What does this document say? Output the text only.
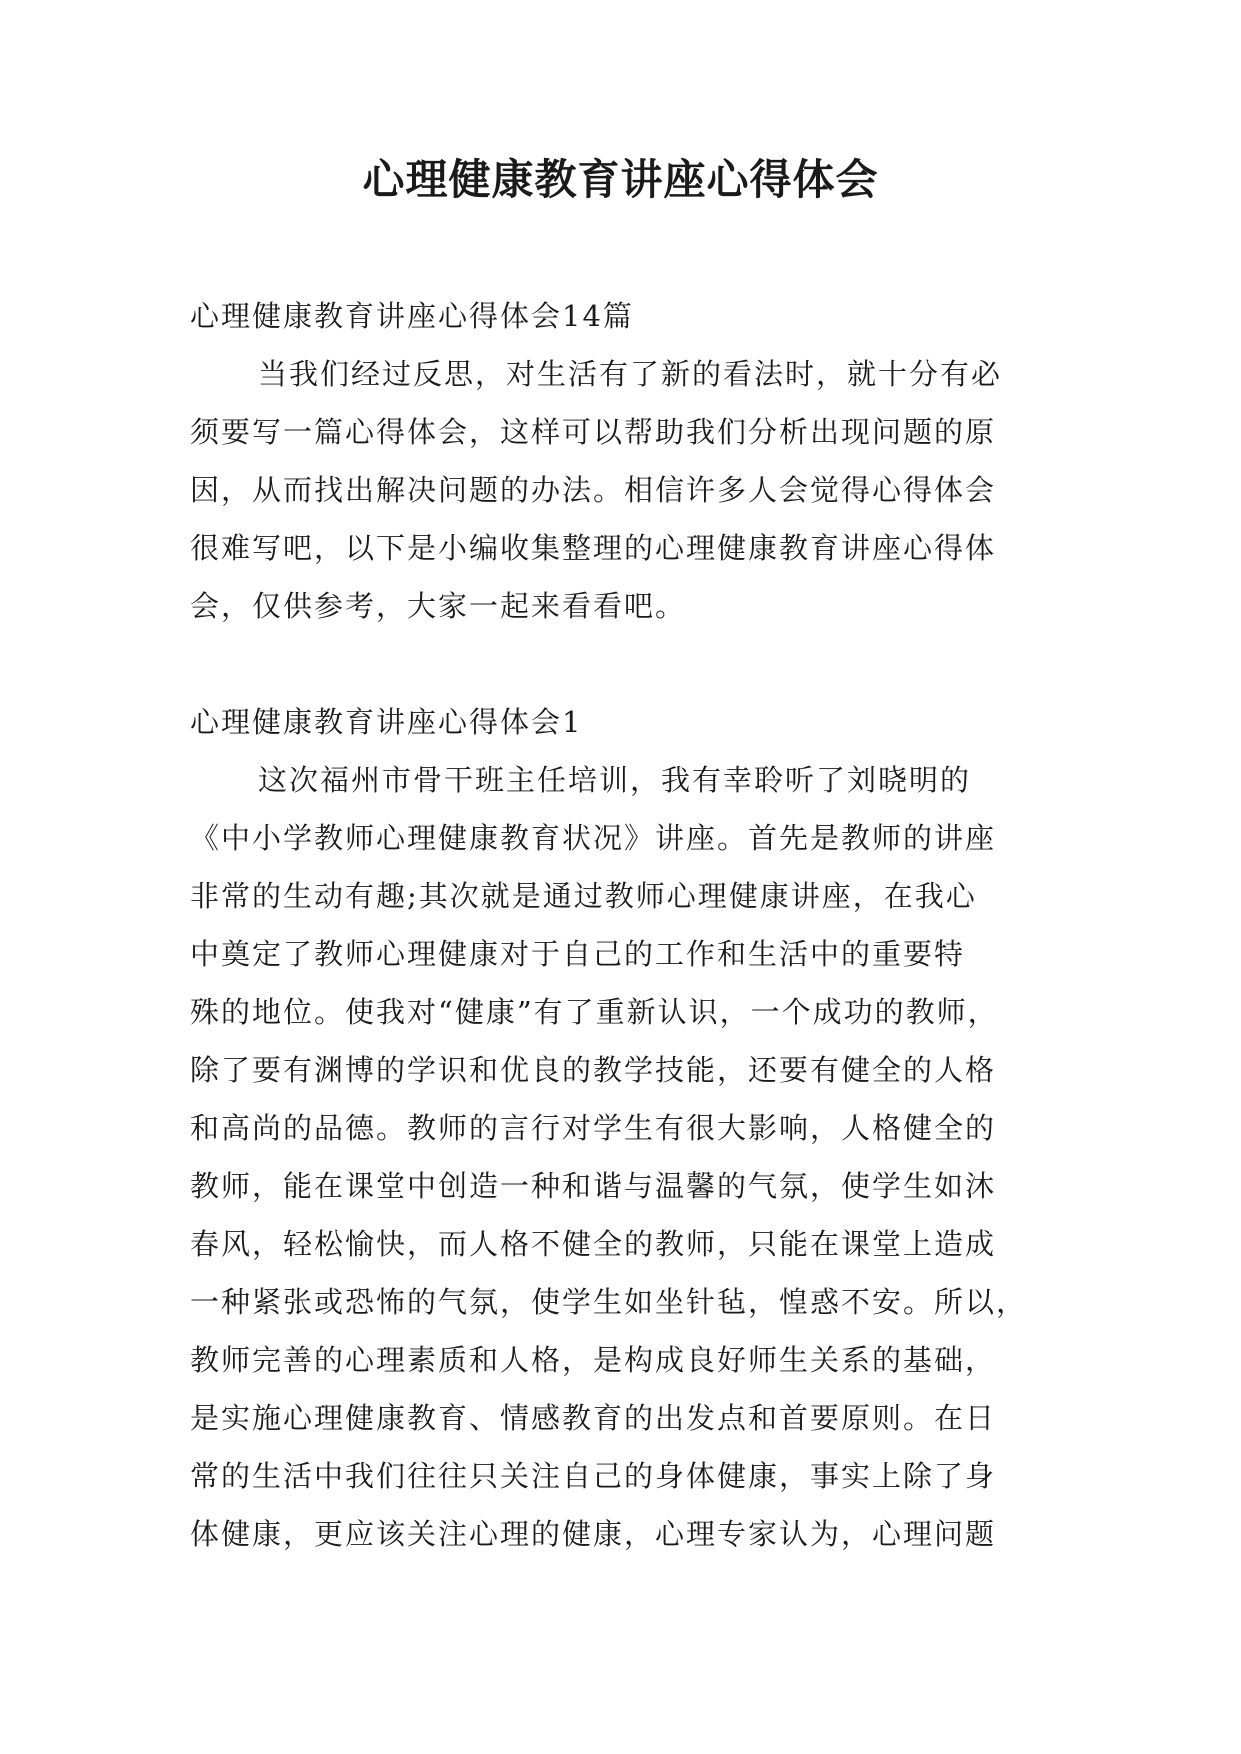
心理健康教育讲座心得体会
心理健康教育讲座心得体会14篇
当我们经过反思，对生活有了新的看法时，就十分有必
须要写一篇心得体会，这样可以帮助我们分析出现问题的原
因，从而找出解决问题的办法。相信许多人会觉得心得体会
很难写吧，以下是小编收集整理的心理健康教育讲座心得体
会，仅供参考，大家一起来看看吧。
心理健康教育讲座心得体会1
这次福州市骨干班主任培训，我有幸聆听了刘晓明的
《中小学教师心理健康教育状况》讲座。首先是教师的讲座
非常的生动有趣;其次就是通过教师心理健康讲座，在我心
中奠定了教师心理健康对于自己的工作和生活中的重要特
殊的地位。使我对“健康”有了重新认识，一个成功的教师，
除了要有渊博的学识和优良的教学技能，还要有健全的人格
和高尚的品德。教师的言行对学生有很大影响，人格健全的
教师，能在课堂中创造一种和谐与温馨的气氛，使学生如沐
春风，轻松愉快，而人格不健全的教师，只能在课堂上造成
一种紧张或恐怖的气氛，使学生如坐针毡，惶惑不安。所以，
教师完善的心理素质和人格，是构成良好师生关系的基础，
是实施心理健康教育、情感教育的出发点和首要原则。在日
常的生活中我们往往只关注自己的身体健康，事实上除了身
体健康，更应该关注心理的健康，心理专家认为，心理问题
